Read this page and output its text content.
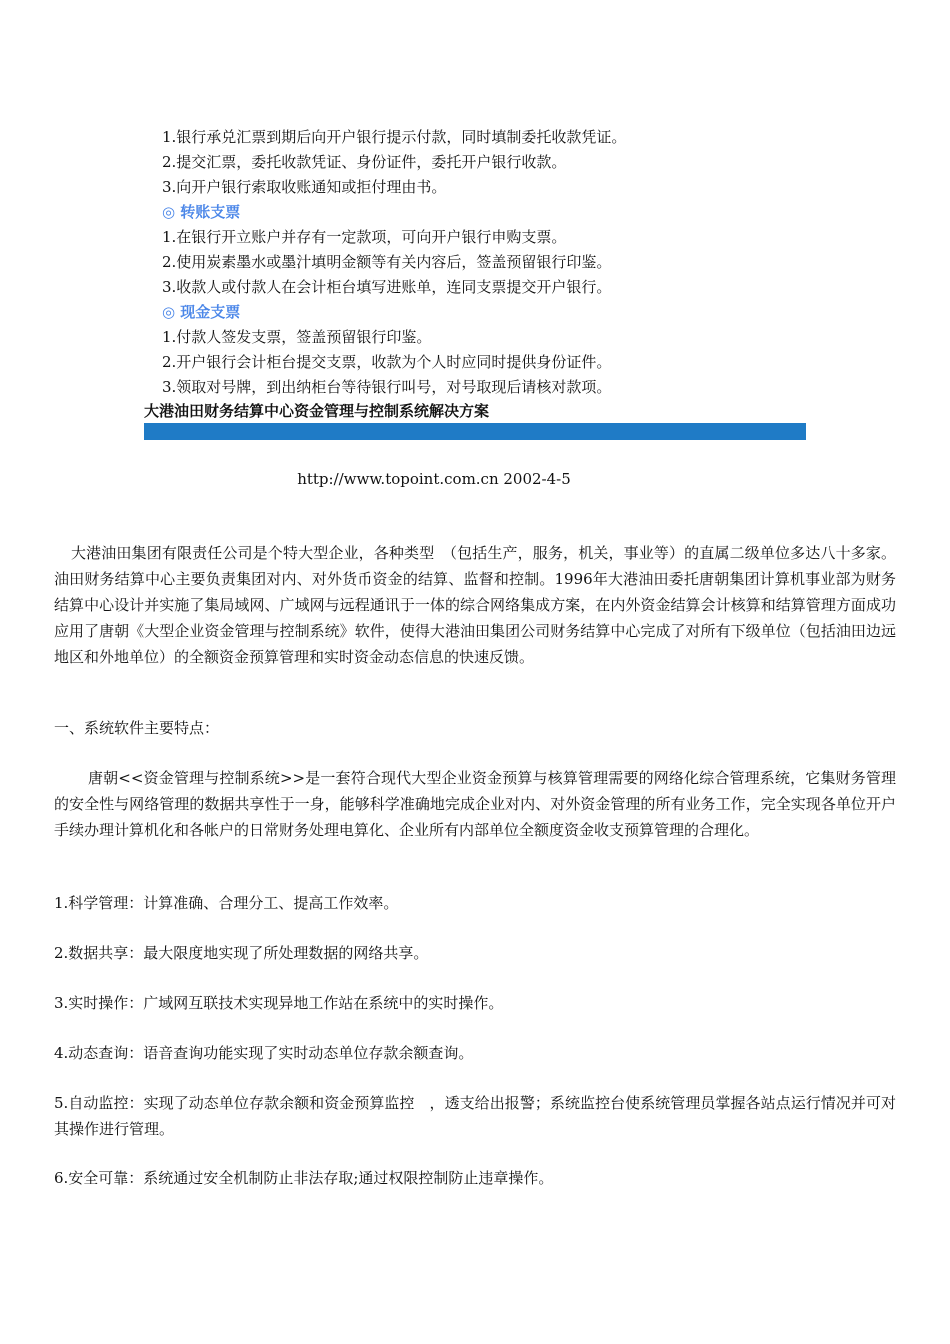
1.银行承兑汇票到期后向开户银行提示付款，同时填制委托收款凭证。
2.提交汇票，委托收款凭证、身份证件，委托开户银行收款。
3.向开户银行索取收账通知或拒付理由书。
◎ 转账支票
1.在银行开立账户并存有一定款项，可向开户银行申购支票。
2.使用炭素墨水或墨汁填明金额等有关内容后，签盖预留银行印鉴。
3.收款人或付款人在会计柜台填写进账单，连同支票提交开户银行。
◎ 现金支票
1.付款人签发支票，签盖预留银行印鉴。
2.开户银行会计柜台提交支票，收款为个人时应同时提供身份证件。
3.领取对号牌，到出纳柜台等待银行叫号，对号取现后请核对款项。
大港油田财务结算中心资金管理与控制系统解决方案
http://www.topoint.com.cn 2002-4-5
大港油田集团有限责任公司是个特大型企业，各种类型　（包括生产，服务，机关，事业等）的直属二级单位多达八十多家。油田财务结算中心主要负责集团对内、对外货币资金的结算、监督和控制。1996年大港油田委托唐朝集团计算机事业部为财务结算中心设计并实施了集局域网、广域网与远程通讯于一体的综合网络集成方案，在内外资金结算会计核算和结算管理方面成功应用了唐朝《大型企业资金管理与控制系统》软件，使得大港油田集团公司财务结算中心完成了对所有下级单位（包括油田边远地区和外地单位）的全额资金预算管理和实时资金动态信息的快速反馈。
一、系统软件主要特点：
唐朝<<资金管理与控制系统>>是一套符合现代大型企业资金预算与核算管理需要的网络化综合管理系统，它集财务管理的安全性与网络管理的数据共享性于一身，能够科学准确地完成企业对内、对外资金管理的所有业务工作，完全实现各单位开户手续办理计算机化和各帐户的日常财务处理电算化、企业所有内部单位全额度资金收支预算管理的合理化。
1.科学管理：计算准确、合理分工、提高工作效率。
2.数据共享：最大限度地实现了所处理数据的网络共享。
3.实时操作：广域网互联技术实现异地工作站在系统中的实时操作。
4.动态查询：语音查询功能实现了实时动态单位存款余额查询。
5.自动监控：实现了动态单位存款余额和资金预算监控　，透支给出报警；系统监控台使系统管理员掌握各站点运行情况并可对其操作进行管理。
6.安全可靠：系统通过安全机制防止非法存取;通过权限控制防止违章操作。
